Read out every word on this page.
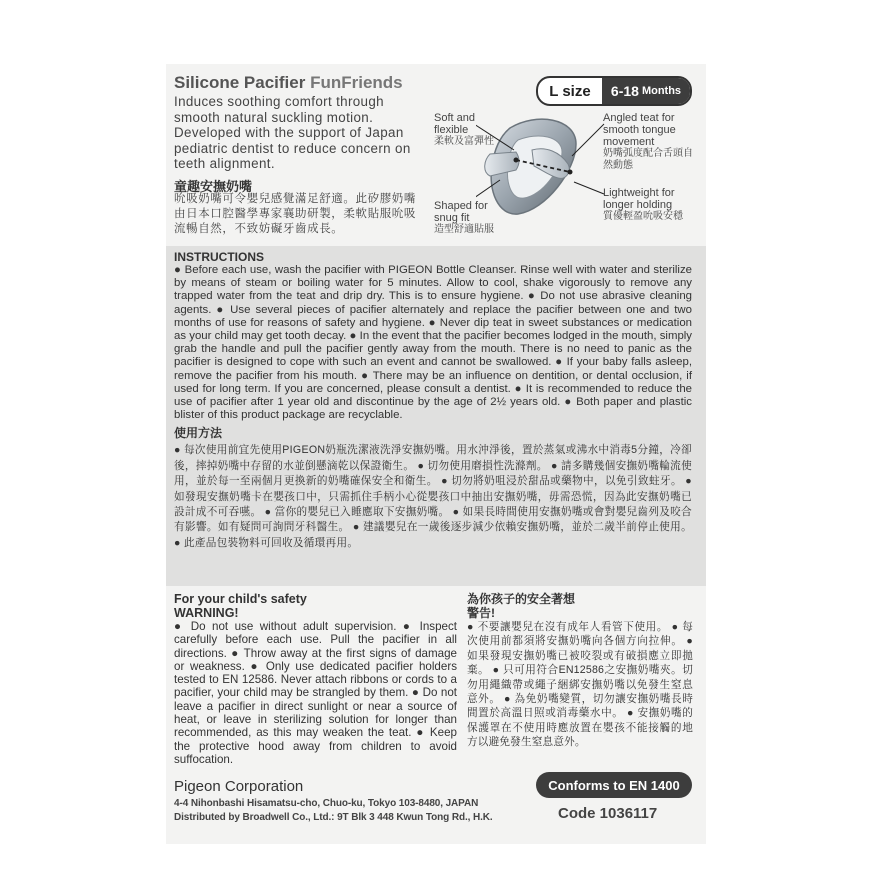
Silicone Pacifier FunFriends
Induces soothing comfort through smooth natural suckling motion. Developed with the support of Japan pediatric dentist to reduce concern on teeth alignment.
童趣安撫奶嘴
吮吸奶嘴可令嬰兒感覺滿足舒適。此矽膠奶嘴由日本口腔醫學專家襄助研製，柔軟貼服吮吸流暢自然，不致妨礙牙齒成長。
L size	6-18 Months
Soft and flexible
柔軟及富彈性
Shaped for snug fit
造型舒適貼服
Angled teat for smooth tongue movement
奶嘴弧度配合舌頭自然動態
Lightweight for longer holding
質優輕盈吮吸安穩
INSTRUCTIONS
● Before each use, wash the pacifier with PIGEON Bottle Cleanser. Rinse well with water and sterilize by means of steam or boiling water for 5 minutes. Allow to cool, shake vigorously to remove any trapped water from the teat and drip dry. This is to ensure hygiene. ● Do not use abrasive cleaning agents. ● Use several pieces of pacifier alternately and replace the pacifier between one and two months of use for reasons of safety and hygiene. ● Never dip teat in sweet substances or medication as your child may get tooth decay. ● In the event that the pacifier becomes lodged in the mouth, simply grab the handle and pull the pacifier gently away from the mouth. There is no need to panic as the pacifier is designed to cope with such an event and cannot be swallowed. ● If your baby falls asleep, remove the pacifier from his mouth. ● There may be an influence on dentition, or dental occlusion, if used for long term. If you are concerned, please consult a dentist. ● It is recommended to reduce the use of pacifier after 1 year old and discontinue by the age of 2½ years old. ● Both paper and plastic blister of this product package are recyclable.
使用方法
● 每次使用前宜先使用PIGEON奶瓶洗潔液洗淨安撫奶嘴。用水沖淨後，置於蒸氣或沸水中消毒5分鐘，冷卻後，摔掉奶嘴中存留的水並倒懸滴乾以保證衛生。 ● 切勿使用磨損性洗滌劑。 ● 請多購幾個安撫奶嘴輪流使用，並於每一至兩個月更換新的奶嘴確保安全和衛生。 ● 切勿將奶咀浸於甜品或藥物中，以免引致蛀牙。 ● 如發現安撫奶嘴卡在嬰孩口中，只需抓住手柄小心從嬰孩口中抽出安撫奶嘴，毋需恐慌，因為此安撫奶嘴已設計成不可吞嚥。 ● 當你的嬰兒已入睡應取下安撫奶嘴。 ● 如果長時間使用安撫奶嘴或會對嬰兒齒列及咬合有影響。如有疑問可詢問牙科醫生。 ● 建議嬰兒在一歲後逐步減少依賴安撫奶嘴，並於二歲半前停止使用。 ● 此產品包裝物料可回收及循環再用。
For your child's safety
WARNING!
● Do not use without adult supervision. ● Inspect carefully before each use. Pull the pacifier in all directions. ● Throw away at the first signs of damage or weakness. ● Only use dedicated pacifier holders tested to EN 12586. Never attach ribbons or cords to a pacifier, your child may be strangled by them. ● Do not leave a pacifier in direct sunlight or near a source of heat, or leave in sterilizing solution for longer than recommended, as this may weaken the teat. ● Keep the protective hood away from children to avoid suffocation.
為你孩子的安全著想
警告!
● 不要讓嬰兒在沒有成年人看管下使用。 ● 每次使用前都須將安撫奶嘴向各個方向拉伸。 ● 如果發現安撫奶嘴已被咬裂或有破損應立即拋棄。 ● 只可用符合EN12586之安撫奶嘴夾。切勿用繩織帶或繩子綑綁安撫奶嘴以免發生窒息意外。 ● 為免奶嘴變質，切勿讓安撫奶嘴長時間置於高溫日照或消毒藥水中。 ● 安撫奶嘴的保護罩在不使用時應放置在嬰孩不能接觸的地方以避免發生窒息意外。
Pigeon Corporation
4-4 Nihonbashi Hisamatsu-cho, Chuo-ku, Tokyo 103-8480, JAPAN
Distributed by Broadwell Co., Ltd.: 9T Blk 3 448 Kwun Tong Rd., H.K.
Conforms to EN 1400
Code 1036117
